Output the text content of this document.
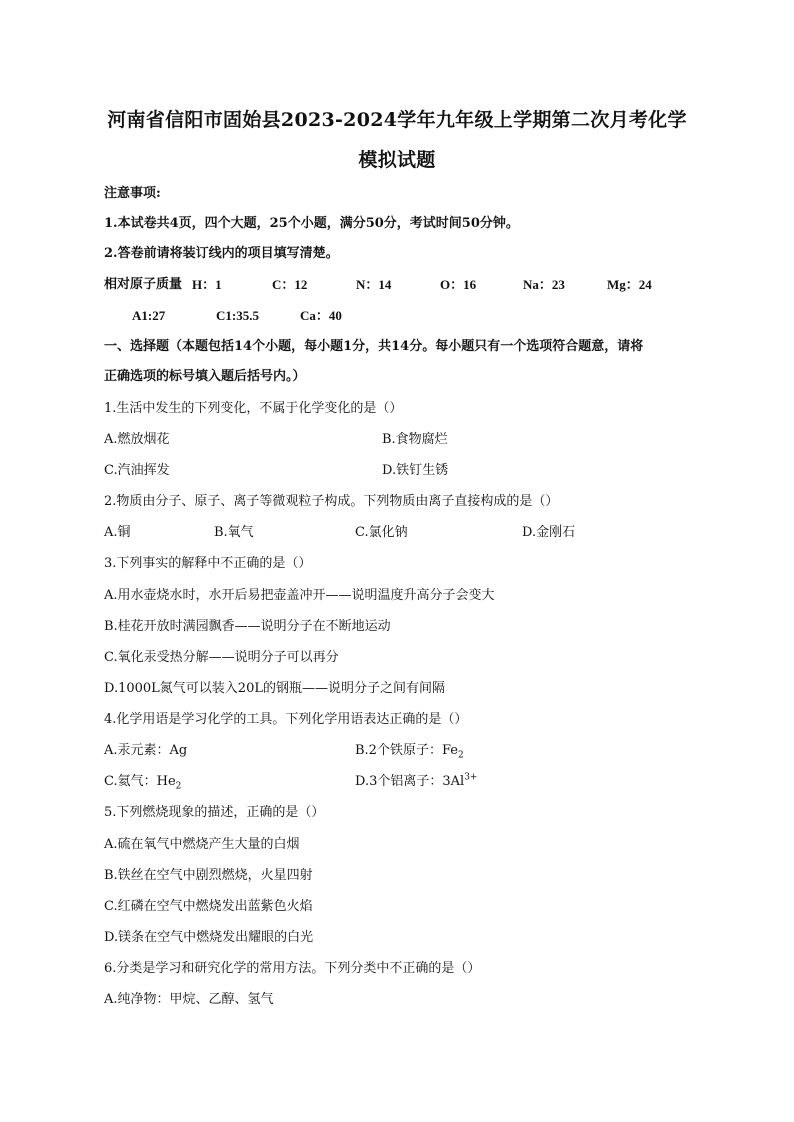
河南省信阳市固始县2023-2024学年九年级上学期第二次月考化学
模拟试题
注意事项:
1.本试卷共4页，四个大题，25个小题，满分50分，考试时间50分钟。
2.答卷前请将装订线内的项目填写清楚。
相对原子质量 H：1	C：12	N：14	O：16	Na：23	Mg：24
A1:27	C1:35.5	Ca：40
一、选择题（本题包括14个小题，每小题1分，共14分。每小题只有一个选项符合题意，请将
正确选项的标号填入题后括号内。）
1.生活中发生的下列变化，不属于化学变化的是（）
A.燃放烟花	B.食物腐烂
C.汽油挥发	D.铁钉生锈
2.物质由分子、原子、离子等微观粒子构成。下列物质由离子直接构成的是（）
A.铜	B.氧气	C.氯化钠	D.金刚石
3.下列事实的解释中不正确的是（）
A.用水壶烧水时，水开后易把壶盖冲开——说明温度升高分子会变大
B.桂花开放时满园飘香——说明分子在不断地运动
C.氧化汞受热分解——说明分子可以再分
D.1000L氮气可以装入20L的钢瓶——说明分子之间有间隔
4.化学用语是学习化学的工具。下列化学用语表达正确的是（）
A.汞元素：Ag	B.2个铁原子：$Fe_2$
C.氦气：$He_2$	D.3个铝离子：$3Al^{3+}$
5.下列燃烧现象的描述，正确的是（）
A.硫在氧气中燃烧产生大量的白烟
B.铁丝在空气中剧烈燃烧，火星四射
C.红磷在空气中燃烧发出蓝紫色火焰
D.镁条在空气中燃烧发出耀眼的白光
6.分类是学习和研究化学的常用方法。下列分类中不正确的是（）
A.纯净物：甲烷、乙醇、氢气
